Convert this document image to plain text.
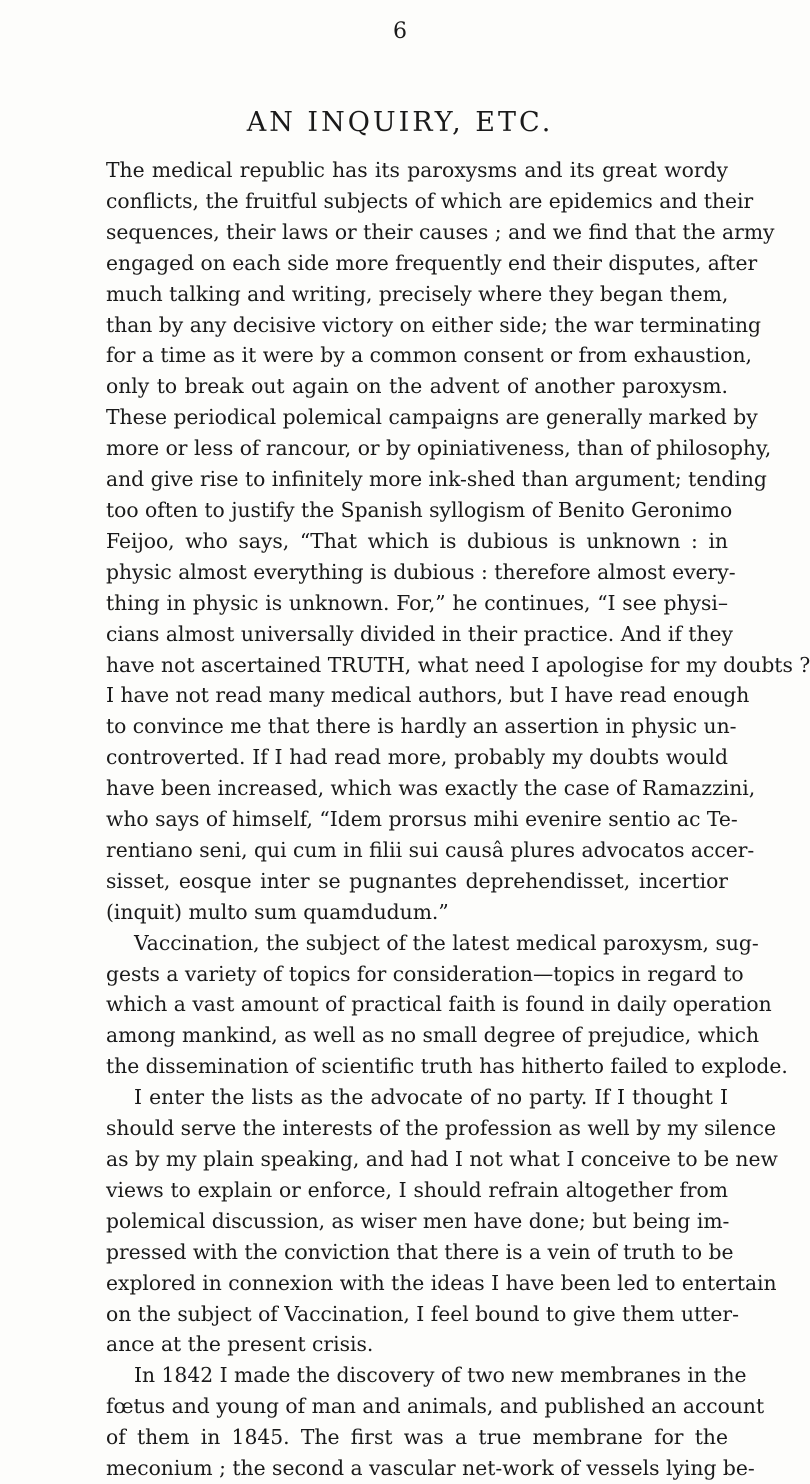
6
AN INQUIRY, ETC.
The medical republic has its paroxysms and its great wordy
conflicts, the fruitful subjects of which are epidemics and their
sequences, their laws or their causes ; and we find that the army
engaged on each side more frequently end their disputes, after
much talking and writing, precisely where they began them,
than by any decisive victory on either side; the war terminating
for a time as it were by a common consent or from exhaustion,
only to break out again on the advent of another paroxysm.
These periodical polemical campaigns are generally marked by
more or less of rancour, or by opiniativeness, than of philosophy,
and give rise to infinitely more ink-shed than argument; tending
too often to justify the Spanish syllogism of Benito Geronimo
Feijoo, who says, “That which is dubious is unknown : in
physic almost everything is dubious : therefore almost every-
thing in physic is unknown. For,” he continues, “I see physi–
cians almost universally divided in their practice. And if they
have not ascertained TRUTH, what need I apologise for my doubts ?
I have not read many medical authors, but I have read enough
to convince me that there is hardly an assertion in physic un-
controverted. If I had read more, probably my doubts would
have been increased, which was exactly the case of Ramazzini,
who says of himself, “Idem prorsus mihi evenire sentio ac Te-
rentiano seni, qui cum in filii sui causâ plures advocatos accer-
sisset, eosque inter se pugnantes deprehendisset, incertior
(inquit) multo sum quamdudum.”
Vaccination, the subject of the latest medical paroxysm, sug-
gests a variety of topics for consideration—topics in regard to
which a vast amount of practical faith is found in daily operation
among mankind, as well as no small degree of prejudice, which
the dissemination of scientific truth has hitherto failed to explode.
I enter the lists as the advocate of no party. If I thought I
should serve the interests of the profession as well by my silence
as by my plain speaking, and had I not what I conceive to be new
views to explain or enforce, I should refrain altogether from
polemical discussion, as wiser men have done; but being im-
pressed with the conviction that there is a vein of truth to be
explored in connexion with the ideas I have been led to entertain
on the subject of Vaccination, I feel bound to give them utter-
ance at the present crisis.
In 1842 I made the discovery of two new membranes in the
fœtus and young of man and animals, and published an account
of them in 1845. The first was a true membrane for the
meconium ; the second a vascular net-work of vessels lying be-
